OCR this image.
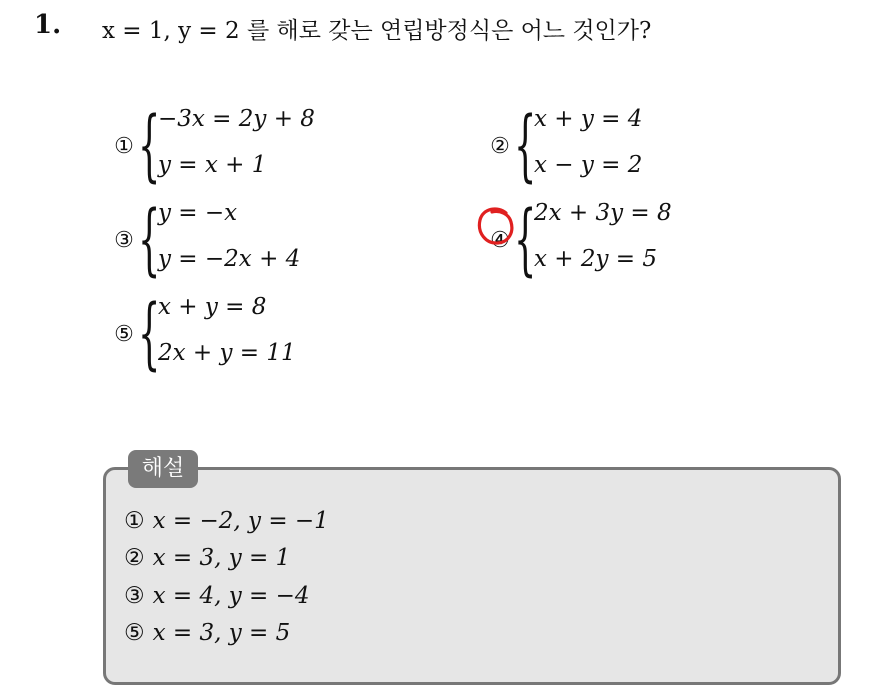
1. x = 1, y = 2 를 해로 갖는 연립방정식은 어느 것인가?
① {
−3x = 2y + 8
y = x + 1
② {
x + y = 4
x − y = 2
③ {
y = −x
y = −2x + 4
④ {
2x + 3y = 8
x + 2y = 5
⑤ {
x + y = 8
2x + y = 11
해설
① x = −2, y = −1
② x = 3, y = 1
③ x = 4, y = −4
⑤ x = 3, y = 5
